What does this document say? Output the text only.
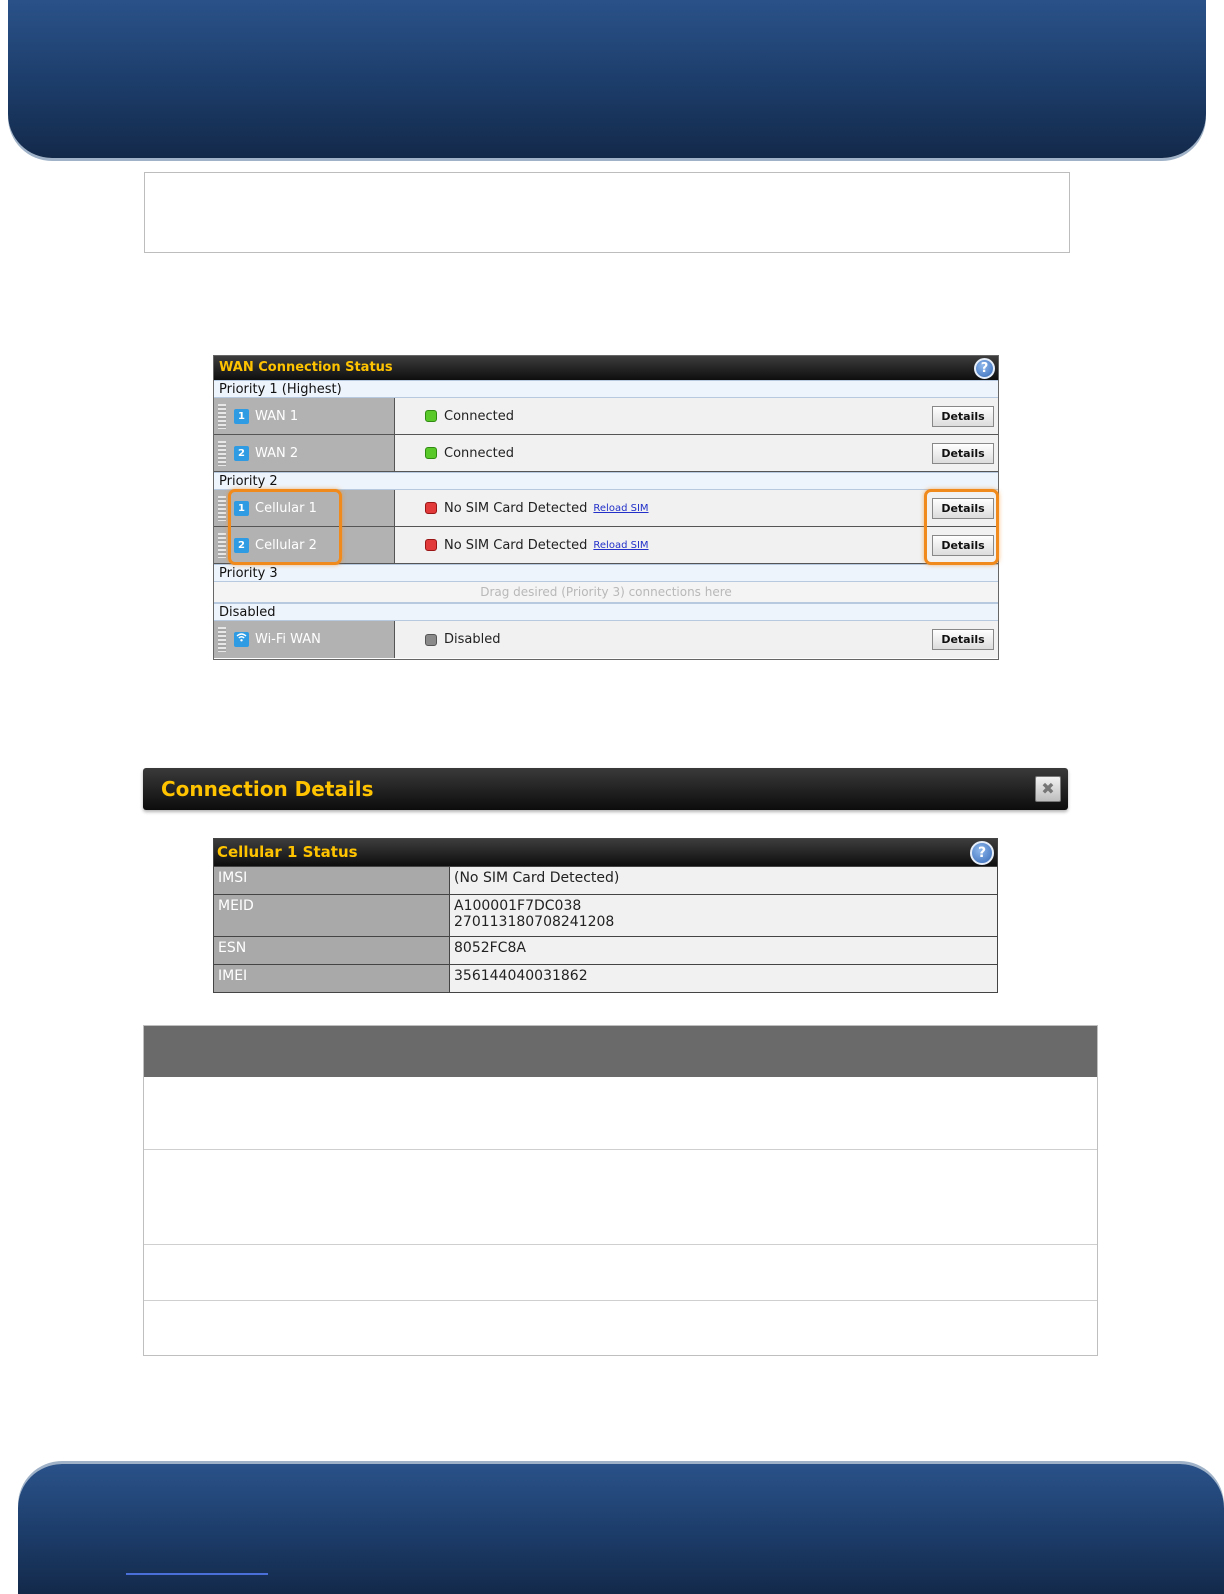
WAN Connection Status	?
Priority 1 (Highest)
1 WAN 1	Connected	Details
2 WAN 2	Connected	Details
Priority 2
1 Cellular 1	No SIM Card Detected Reload SIM	Details
2 Cellular 2	No SIM Card Detected Reload SIM	Details
Priority 3
Drag desired (Priority 3) connections here
Disabled
Wi-Fi WAN	Disabled	Details
Connection Details	✖
Cellular 1 Status	?
IMSI	(No SIM Card Detected)
MEID	A100001F7DC038
270113180708241208
ESN	8052FC8A
IMEI	356144040031862
